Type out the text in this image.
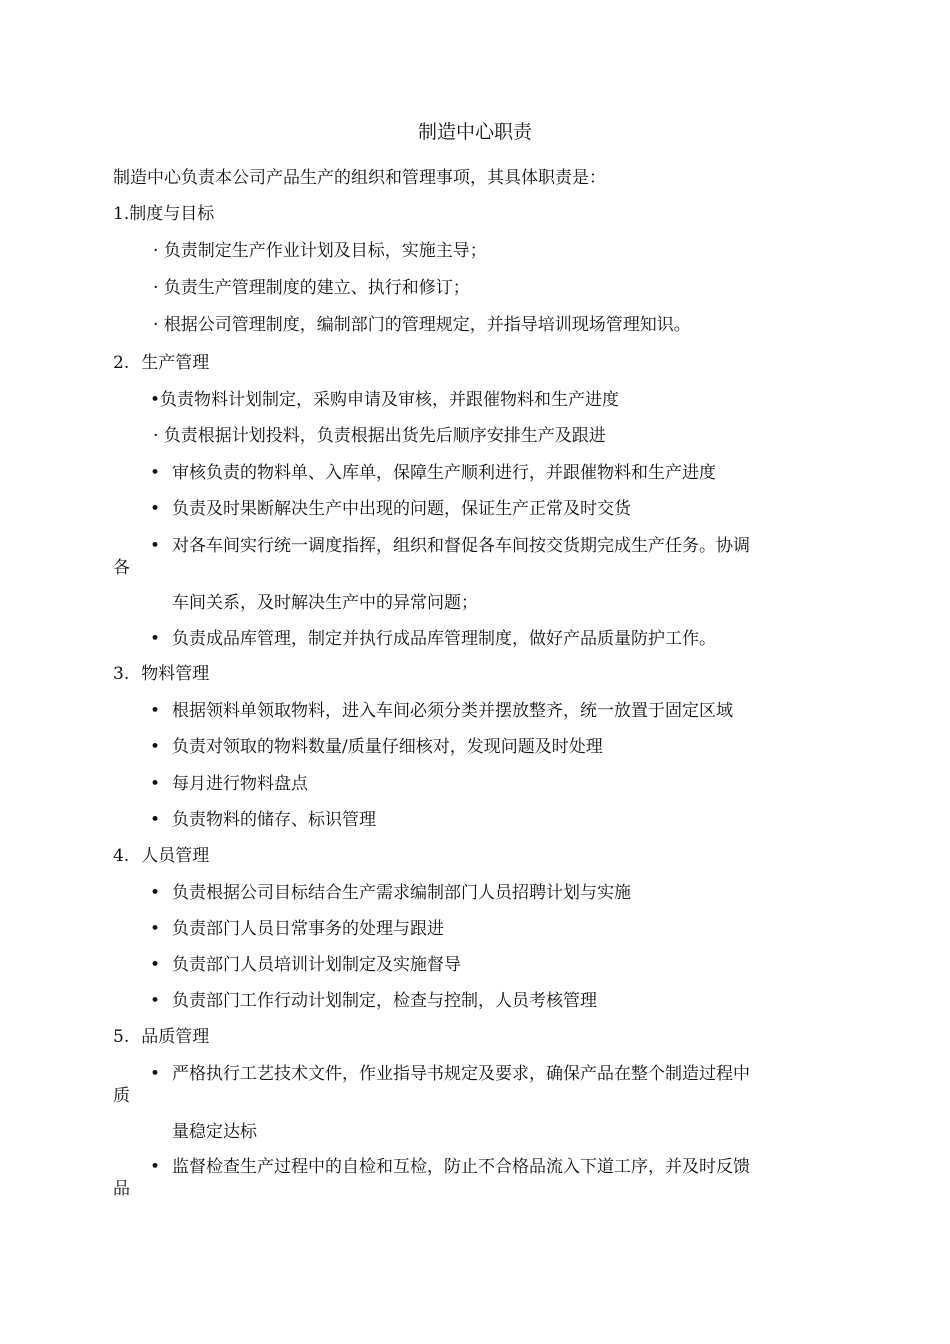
制造中心职责
制造中心负责本公司产品生产的组织和管理事项，其具体职责是：
1.制度与目标
· 负责制定生产作业计划及目标，实施主导；
· 负责生产管理制度的建立、执行和修订；
· 根据公司管理制度，编制部门的管理规定，并指导培训现场管理知识。
2. 生产管理
•负责物料计划制定，采购申请及审核，并跟催物料和生产进度
· 负责根据计划投料，负责根据出货先后顺序安排生产及跟进
• 审核负责的物料单、入库单，保障生产顺利进行，并跟催物料和生产进度
• 负责及时果断解决生产中出现的问题，保证生产正常及时交货
• 对各车间实行统一调度指挥，组织和督促各车间按交货期完成生产任务。协调
各
车间关系，及时解决生产中的异常问题；
• 负责成品库管理，制定并执行成品库管理制度，做好产品质量防护工作。
3. 物料管理
• 根据领料单领取物料，进入车间必须分类并摆放整齐，统一放置于固定区域
• 负责对领取的物料数量/质量仔细核对，发现问题及时处理
• 每月进行物料盘点
• 负责物料的储存、标识管理
4. 人员管理
• 负责根据公司目标结合生产需求编制部门人员招聘计划与实施
• 负责部门人员日常事务的处理与跟进
• 负责部门人员培训计划制定及实施督导
• 负责部门工作行动计划制定，检查与控制，人员考核管理
5. 品质管理
• 严格执行工艺技术文件，作业指导书规定及要求，确保产品在整个制造过程中
质
量稳定达标
• 监督检查生产过程中的自检和互检，防止不合格品流入下道工序，并及时反馈
品
